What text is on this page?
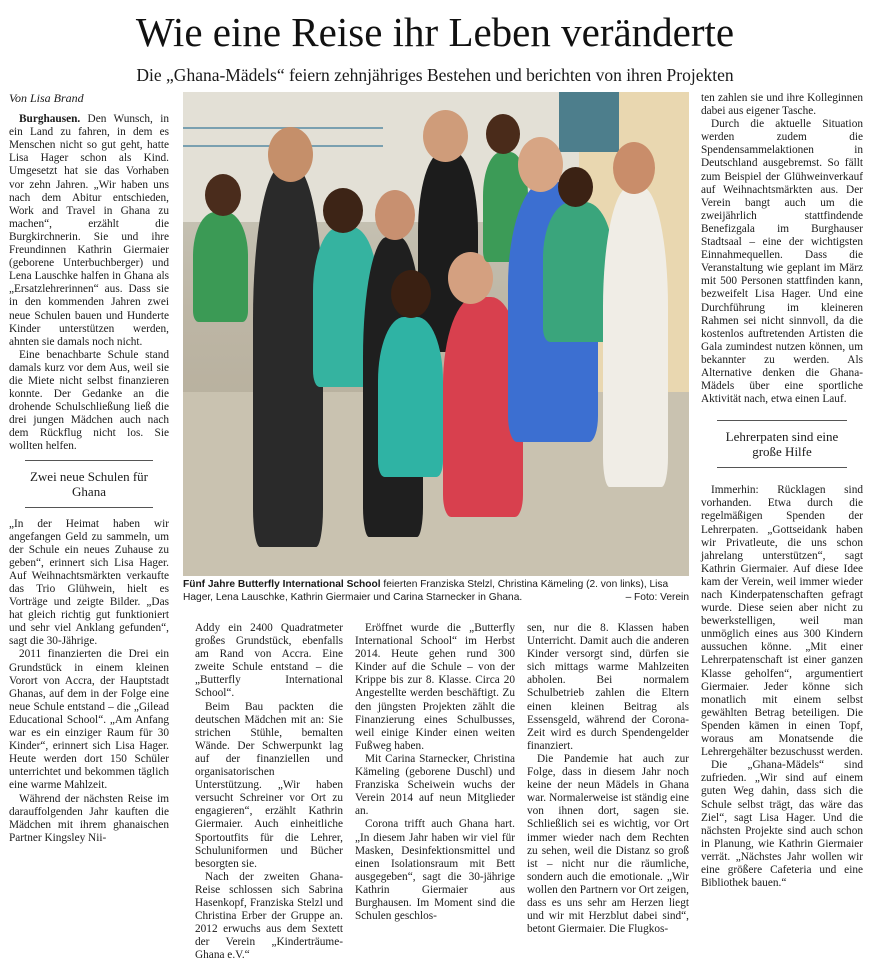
Wie eine Reise ihr Leben veränderte
Die „Ghana-Mädels“ feiern zehnjähriges Bestehen und berichten von ihren Projekten

Von Lisa Brand

Burghausen. Den Wunsch, in ein Land zu fahren, in dem es Menschen nicht so gut geht, hatte Lisa Hager schon als Kind. Umgesetzt hat sie das Vorhaben vor zehn Jahren. „Wir haben uns nach dem Abitur entschieden, Work and Travel in Ghana zu machen“, erzählt die Burgkirchnerin. Sie und ihre Freundinnen Kathrin Giermaier (geborene Unterbuchberger) und Lena Lauschke halfen in Ghana als „Ersatzlehrerinnen“ aus. Dass sie in den kommenden Jahren zwei neue Schulen bauen und Hunderte Kinder unterstützen werden, ahnten sie damals noch nicht.

Eine benachbarte Schule stand damals kurz vor dem Aus, weil sie die Miete nicht selbst finanzieren konnte. Der Gedanke an die drohende Schulschließung ließ die drei jungen Mädchen auch nach dem Rückflug nicht los. Sie wollten helfen.

Zwei neue Schulen für Ghana

„In der Heimat haben wir angefangen Geld zu sammeln, um der Schule ein neues Zuhause zu geben“, erinnert sich Lisa Hager. Auf Weihnachtsmärkten verkaufte das Trio Glühwein, hielt es Vorträge und zeigte Bilder. „Das hat gleich richtig gut funktioniert und sehr viel Anklang gefunden“, sagt die 30-Jährige.

2011 finanzierten die Drei ein Grundstück in einem kleinen Vorort von Accra, der Hauptstadt Ghanas, auf dem in der Folge eine neue Schule entstand – die „Gilead Educational School“. „Am Anfang war es ein einziger Raum für 30 Kinder“, erinnert sich Lisa Hager. Heute werden dort 150 Schüler unterrichtet und bekommen täglich eine warme Mahlzeit.

Während der nächsten Reise im darauffolgenden Jahr kauften die Mädchen mit ihrem ghanaischen Partner Kingsley Nii-

Fünf Jahre Butterfly International School feierten Franziska Stelzl, Christina Kämeling (2. von links), Lisa Hager, Lena Lauschke, Kathrin Giermaier und Carina Starnecker in Ghana.	– Foto: Verein

Addy ein 2400 Quadratmeter großes Grundstück, ebenfalls am Rand von Accra. Eine zweite Schule entstand – die „Butterfly International School“.

Beim Bau packten die deutschen Mädchen mit an: Sie strichen Stühle, bemalten Wände. Der Schwerpunkt lag auf der finanziellen und organisatorischen Unterstützung. „Wir haben versucht Schreiner vor Ort zu engagieren“, erzählt Kathrin Giermaier. Auch einheitliche Sportoutfits für die Lehrer, Schuluniformen und Bücher besorgten sie.

Nach der zweiten Ghana-Reise schlossen sich Sabrina Hasenkopf, Franziska Stelzl und Christina Erber der Gruppe an. 2012 erwuchs aus dem Sextett der Verein „Kinderträume-Ghana e.V.“

Eröffnet wurde die „Butterfly International School“ im Herbst 2014. Heute gehen rund 300 Kinder auf die Schule – von der Krippe bis zur 8. Klasse. Circa 20 Angestellte werden beschäftigt. Zu den jüngsten Projekten zählt die Finanzierung eines Schulbusses, weil einige Kinder einen weiten Fußweg haben.

Mit Carina Starnecker, Christina Kämeling (geborene Duschl) und Franziska Scheiwein wuchs der Verein 2014 auf neun Mitglieder an.

Corona trifft auch Ghana hart. „In diesem Jahr haben wir viel für Masken, Desinfektionsmittel und einen Isolationsraum mit Bett ausgegeben“, sagt die 30-jährige Kathrin Giermaier aus Burghausen. Im Moment sind die Schulen geschlos-

sen, nur die 8. Klassen haben Unterricht. Damit auch die anderen Kinder versorgt sind, dürfen sie sich mittags warme Mahlzeiten abholen. Bei normalem Schulbetrieb zahlen die Eltern einen kleinen Beitrag als Essensgeld, während der Corona-Zeit wird es durch Spendengelder finanziert.

Die Pandemie hat auch zur Folge, dass in diesem Jahr noch keine der neun Mädels in Ghana war. Normalerweise ist ständig eine von ihnen dort, sagen sie. Schließlich sei es wichtig, vor Ort immer wieder nach dem Rechten zu sehen, weil die Distanz so groß ist – nicht nur die räumliche, sondern auch die emotionale. „Wir wollen den Partnern vor Ort zeigen, dass es uns sehr am Herzen liegt und wir mit Herzblut dabei sind“, betont Giermaier. Die Flugkos-

ten zahlen sie und ihre Kolleginnen dabei aus eigener Tasche.

Durch die aktuelle Situation werden zudem die Spendensammelaktionen in Deutschland ausgebremst. So fällt zum Beispiel der Glühweinverkauf auf Weihnachtsmärkten aus. Der Verein bangt auch um die zweijährlich stattfindende Benefizgala im Burghauser Stadtsaal – eine der wichtigsten Einnahmequellen. Dass die Veranstaltung wie geplant im März mit 500 Personen stattfinden kann, bezweifelt Lisa Hager. Und eine Durchführung im kleineren Rahmen sei nicht sinnvoll, da die kostenlos auftretenden Artisten die Gala zumindest nutzen können, um bekannter zu werden. Als Alternative denken die Ghana-Mädels über eine sportliche Aktivität nach, etwa einen Lauf.

Lehrerpaten sind eine große Hilfe

Immerhin: Rücklagen sind vorhanden. Etwa durch die regelmäßigen Spenden der Lehrerpaten. „Gottseidank haben wir Privatleute, die uns schon jahrelang unterstützen“, sagt Kathrin Giermaier. Auf diese Idee kam der Verein, weil immer wieder nach Kinderpatenschaften gefragt wurde. Diese seien aber nicht zu bewerkstelligen, weil man unmöglich eines aus 300 Kindern aussuchen könne. „Mit einer Lehrerpatenschaft ist einer ganzen Klasse geholfen“, argumentiert Giermaier. Jeder könne sich monatlich mit einem selbst gewählten Betrag beteiligen. Die Spenden kämen in einen Topf, woraus am Monatsende die Lehrergehälter bezuschusst werden.

Die „Ghana-Mädels“ sind zufrieden. „Wir sind auf einem guten Weg dahin, dass sich die Schule selbst trägt, das wäre das Ziel“, sagt Lisa Hager. Und die nächsten Projekte sind auch schon in Planung, wie Kathrin Giermaier verrät. „Nächstes Jahr wollen wir eine größere Cafeteria und eine Bibliothek bauen.“
